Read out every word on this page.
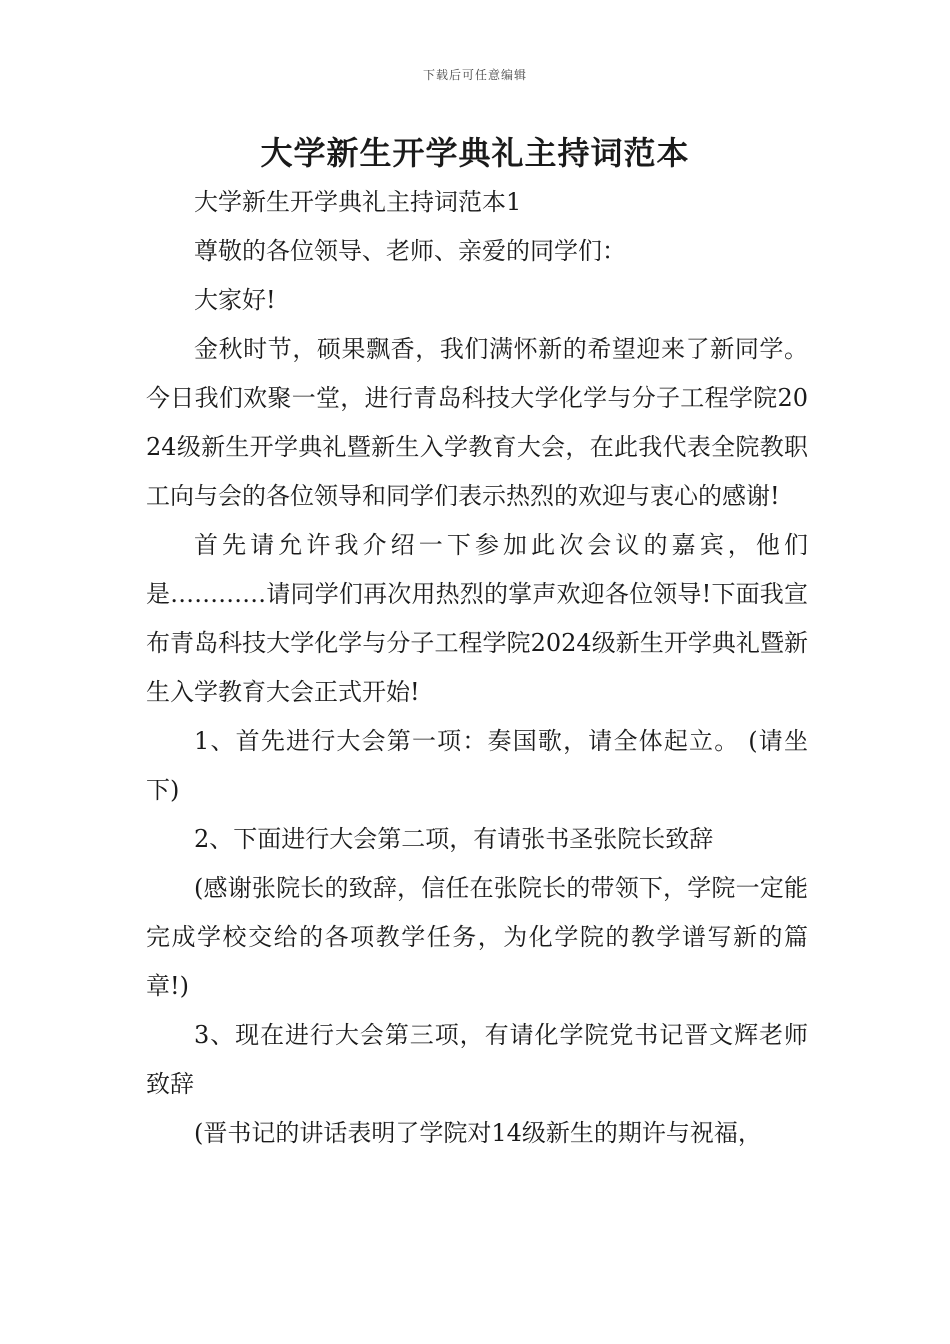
下载后可任意编辑
大学新生开学典礼主持词范本

大学新生开学典礼主持词范本1

尊敬的各位领导、老师、亲爱的同学们：

大家好!

金秋时节，硕果飘香，我们满怀新的希望迎来了新同学。今日我们欢聚一堂，进行青岛科技大学化学与分子工程学院2024级新生开学典礼暨新生入学教育大会，在此我代表全院教职工向与会的各位领导和同学们表示热烈的欢迎与衷心的感谢!

首先请允许我介绍一下参加此次会议的嘉宾，他们是…………请同学们再次用热烈的掌声欢迎各位领导!下面我宣布青岛科技大学化学与分子工程学院2024级新生开学典礼暨新生入学教育大会正式开始!

1、首先进行大会第一项：奏国歌，请全体起立。 (请坐下)

2、下面进行大会第二项，有请张书圣张院长致辞

(感谢张院长的致辞，信任在张院长的带领下，学院一定能完成学校交给的各项教学任务，为化学院的教学谱写新的篇章!)

3、现在进行大会第三项，有请化学院党书记晋文辉老师致辞

(晋书记的讲话表明了学院对14级新生的期许与祝福，
